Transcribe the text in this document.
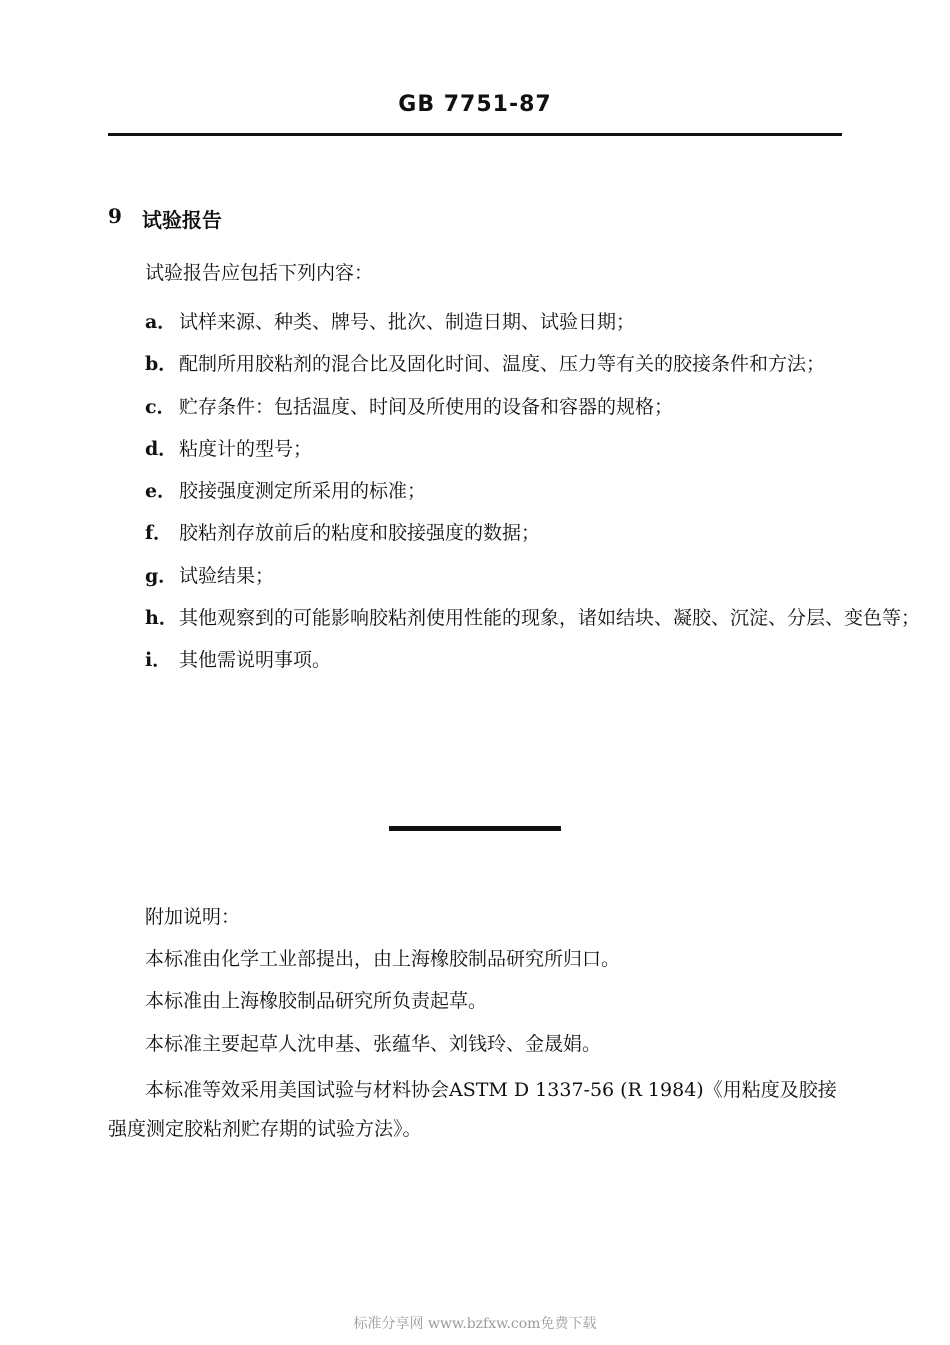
GB 7751-87
9 试验报告
试验报告应包括下列内容：
a． 试样来源、种类、牌号、批次、制造日期、试验日期；
b．配制所用胶粘剂的混合比及固化时间、温度、压力等有关的胶接条件和方法；
c． 贮存条件：包括温度、时间及所使用的设备和容器的规格；
d．粘度计的型号；
e． 胶接强度测定所采用的标准；
f． 胶粘剂存放前后的粘度和胶接强度的数据；
g．试验结果；
h．其他观察到的可能影响胶粘剂使用性能的现象，诸如结块、凝胶、沉淀、分层、变色等；
i． 其他需说明事项。
附加说明：
本标准由化学工业部提出，由上海橡胶制品研究所归口。
本标准由上海橡胶制品研究所负责起草。
本标准主要起草人沈申基、张蕴华、刘钱玲、金晟娟。
本标准等效采用美国试验与材料协会ASTM D 1337-56 (R 1984)《用粘度及胶接强度测定胶粘剂贮存期的试验方法》。
标准分享网 www.bzfxw.com免费下载
